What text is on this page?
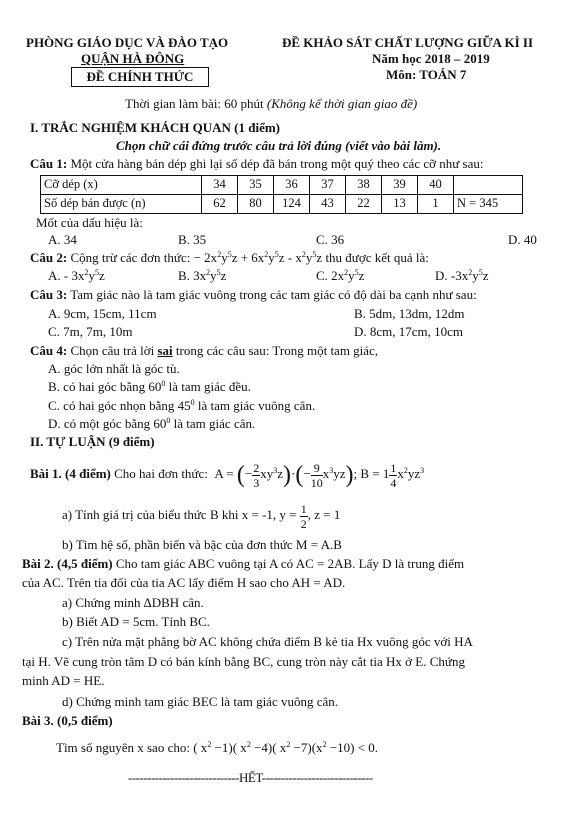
PHÒNG GIÁO DỤC VÀ ĐÀO TẠO
QUẬN HÀ ĐÔNG
ĐỀ CHÍNH THỨC
ĐỀ KHẢO SÁT CHẤT LƯỢNG GIỮA KÌ II
Năm học 2018 – 2019
Môn: TOÁN 7
Thời gian làm bài: 60 phút (Không kể thời gian giao đề)
I. TRẮC NGHIỆM KHÁCH QUAN (1 điểm)
Chọn chữ cái đứng trước câu trả lời đúng (viết vào bài làm).
Câu 1: Một cửa hàng bán dép ghi lại số dép đã bán trong một quý theo các cỡ như sau:
Cỡ dép (x)	34	35	36	37	38	39	40	
Số dép bán được (n)	62	80	124	43	22	13	1	N = 345
Mốt của dấu hiệu là:
A. 34	B. 35	C. 36	D. 40
Câu 2: Cộng trừ các đơn thức: − $2x^2y^5z + 6x^2y^5z - x^2y^5z$ thu được kết quả là:
A. - $3x^2y^5z$	B. $3x^2y^5z$	C. $2x^2y^5z$	D. $-3x^2y^5z$
Câu 3: Tam giác nào là tam giác vuông trong các tam giác có độ dài ba cạnh như sau:
A. 9cm, 15cm, 11cm	B. 5dm, 13dm, 12dm
C. 7m, 7m, 10m	D. 8cm, 17cm, 10cm
Câu 4: Chọn câu trả lời sai trong các câu sau: Trong một tam giác,
A. góc lớn nhất là góc tù.
B. có hai góc bằng $60^0$ là tam giác đều.
C. có hai góc nhọn bằng $45^0$ là tam giác vuông cân.
D. có một góc bằng $60^0$ là tam giác cân.
II. TỰ LUẬN (9 điểm)
Bài 1. (4 điểm) Cho hai đơn thức:  A = (− $\frac{2}{3} xy^3z)\cdot(- \frac{9}{10} x^3yz)$; $B = 1 \frac{1}{4} x^2yz^3$
a) Tính giá trị của biểu thức B khi x = -1, $y = \frac{1}{2}$ , z = 1
b) Tìm hệ số, phần biến và bậc của đơn thức M = A.B
Bài 2. (4,5 điểm) Cho tam giác ABC vuông tại A có AC = 2AB. Lấy D là trung điểm
của AC. Trên tia đối của tia AC lấy điểm H sao cho AH = AD.
a) Chứng minh ∆DBH cân.
b) Biết AD = 5cm. Tính BC.
c) Trên nửa mặt phẳng bờ AC không chứa điểm B kẻ tia Hx vuông góc với HA
tại H. Vẽ cung tròn tâm D có bán kính bằng BC, cung tròn này cắt tia Hx ở E. Chứng
minh AD = HE.
d) Chứng minh tam giác BEC là tam giác vuông cân.
Bài 3. (0,5 điểm)
Tìm số nguyên x sao cho: ( $x^2 -1$)( $x^2 -4$)( $x^2 -7)(x^2 -10) < 0$.
-----------------------------HẾT-----------------------------
